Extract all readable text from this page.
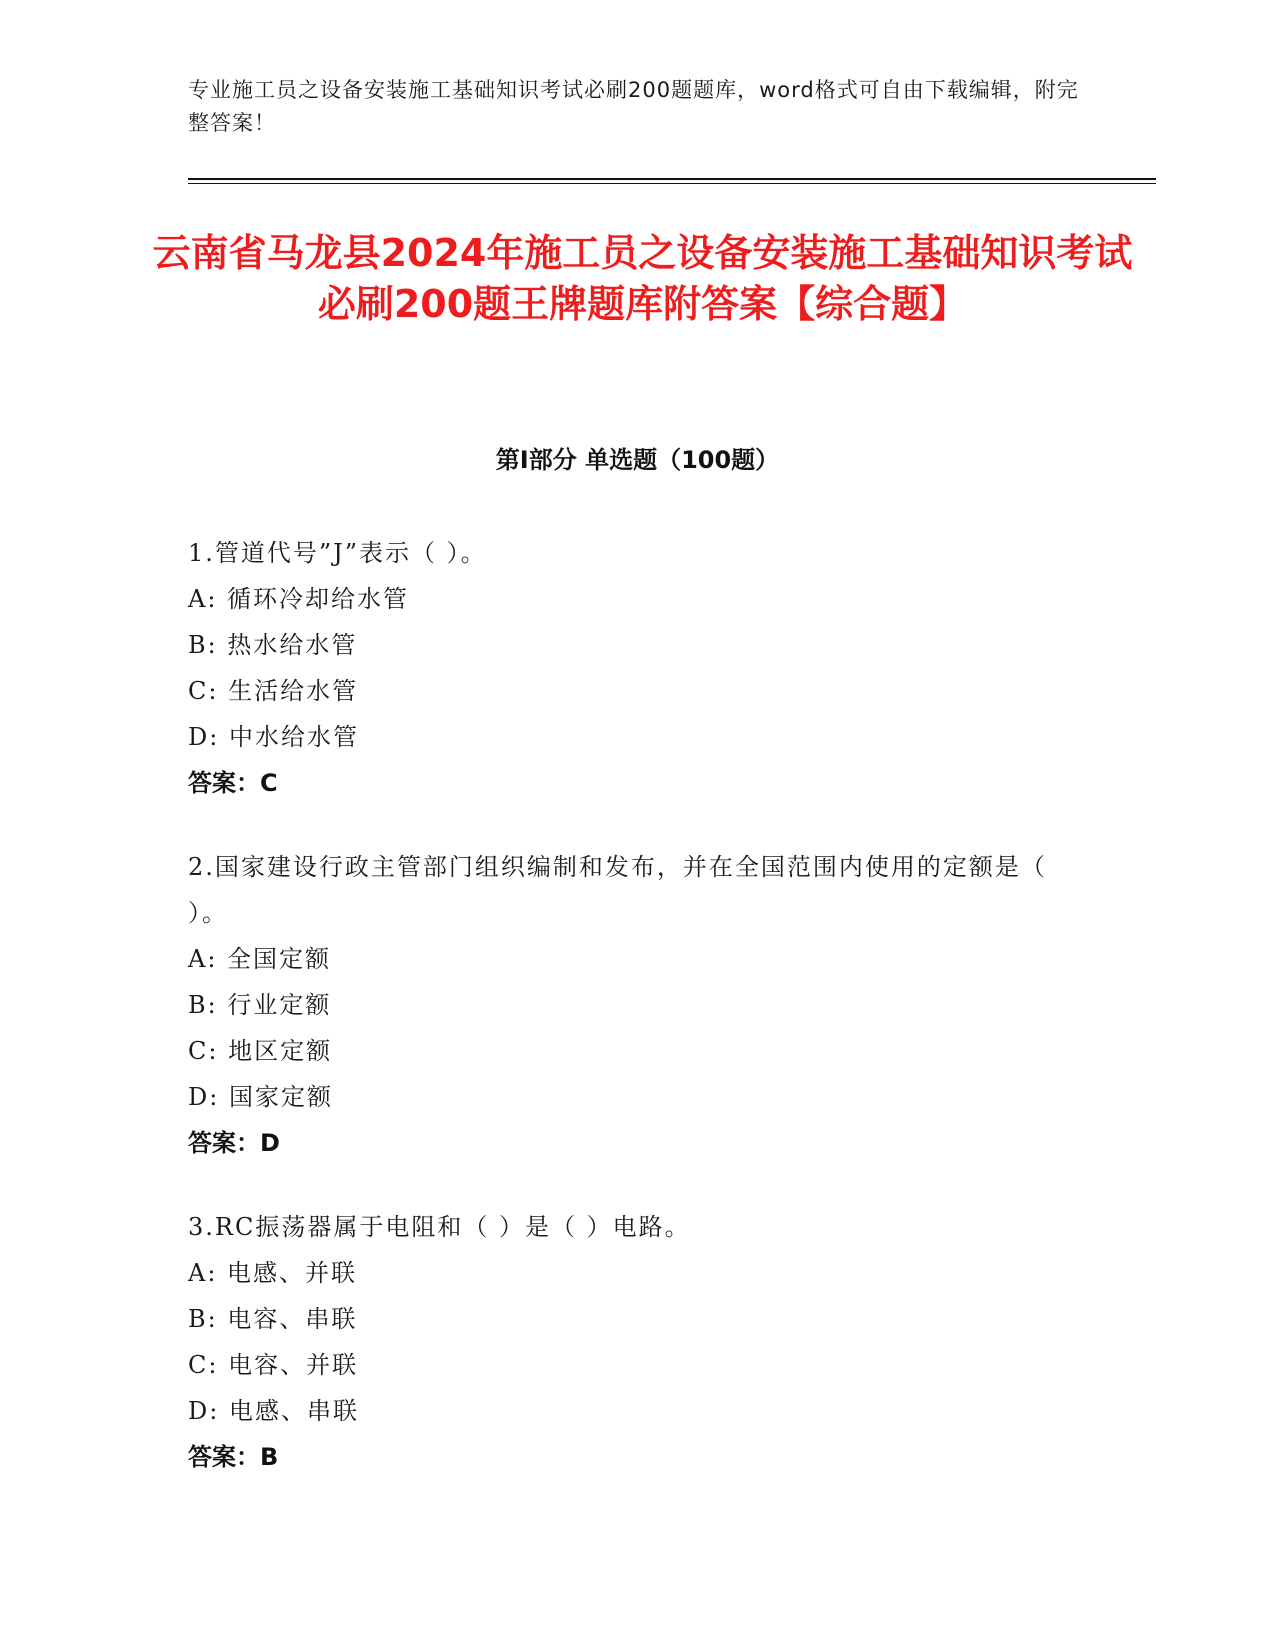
专业施工员之设备安装施工基础知识考试必刷200题题库，word格式可自由下载编辑，附完整答案！
云南省马龙县2024年施工员之设备安装施工基础知识考试必刷200题王牌题库附答案【综合题】
第I部分 单选题（100题）
1.管道代号”J”表示（ ）。
A: 循环冷却给水管
B: 热水给水管
C: 生活给水管
D: 中水给水管
答案：C
2.国家建设行政主管部门组织编制和发布，并在全国范围内使用的定额是（ ）。
A: 全国定额
B: 行业定额
C: 地区定额
D: 国家定额
答案：D
3.RC振荡器属于电阻和（ ）是（ ）电路。
A: 电感、并联
B: 电容、串联
C: 电容、并联
D: 电感、串联
答案：B
